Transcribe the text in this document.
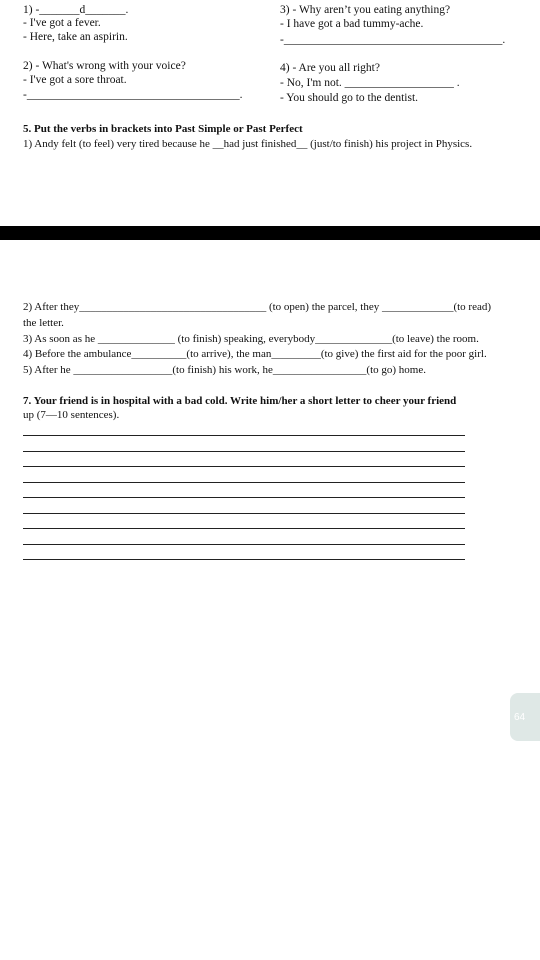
1) -_______d_______.
- I've got a fever.
- Here, take an aspirin.
3) - Why aren’t you eating anything?
- I have got a bad tummy-ache.
-______________________________________.
2) - What's wrong with your voice?
- I've got a sore throat.
-_____________________________________.
4) - Are you all right?
- No, I'm not. ___________________ .
- You should go to the dentist.
5. Put the verbs in brackets into Past Simple or Past Perfect
1) Andy felt (to feel) very tired because he __had just finished__ (just/to finish) his project in Physics.
2) After they__________________________________ (to open) the parcel, they _____________(to read)
the letter.
3) As soon as he ______________ (to finish) speaking, everybody______________(to leave) the room.
4) Before the ambulance__________(to arrive), the man_________(to give) the first aid for the poor girl.
5) After he __________________(to finish) his work, he_________________(to go) home.
7. Your friend is in hospital with a bad cold. Write him/her a short letter to cheer your friend
up (7—10 sentences).
64
